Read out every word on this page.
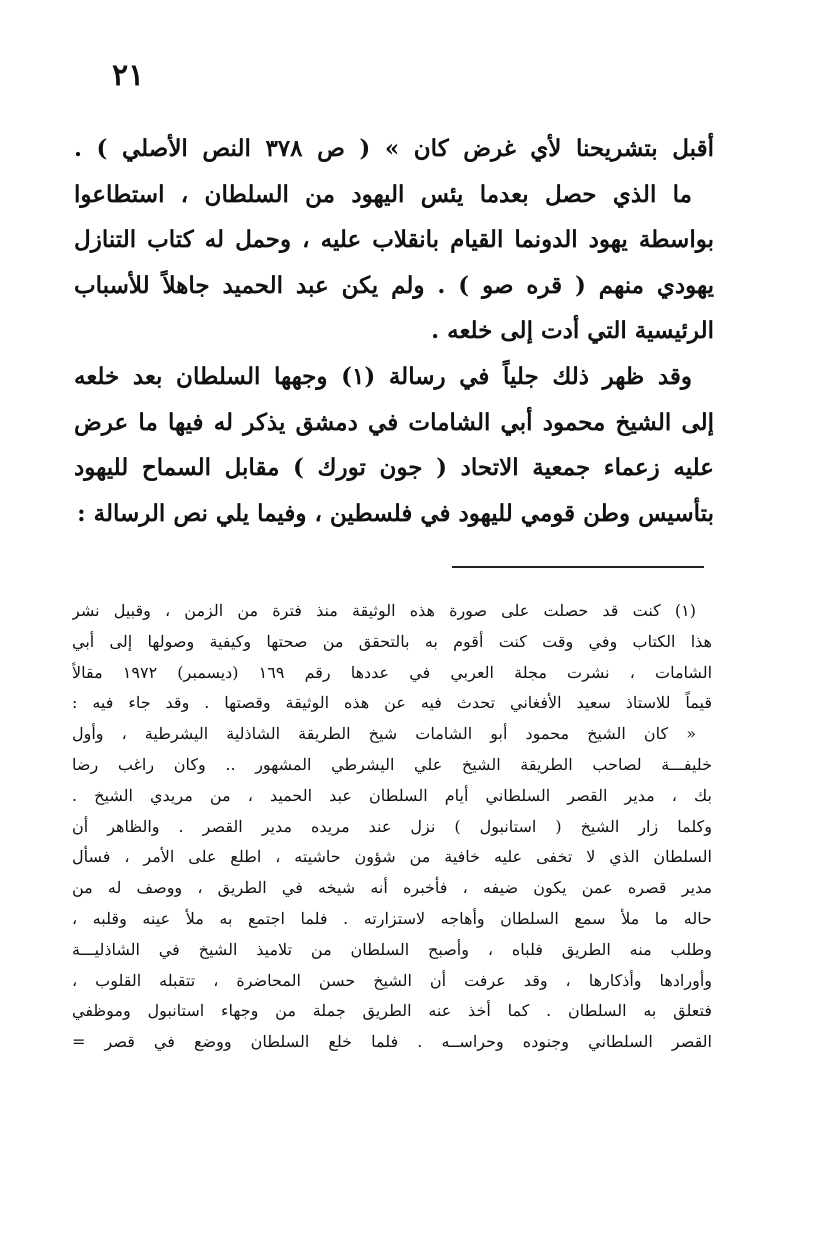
٢١
أقبل بتشريحنا لأي غرض كان » ( ص ٣٧٨ النص الأصلي ) .
ما الذي حصل بعدما يئس اليهود من السلطان ، استطاعوا
بواسطة يهود الدونما القيام بانقلاب عليه ، وحمل له كتاب التنازل
يهودي منهم ( قره صو ) . ولم يكن عبد الحميد جاهلاً للأسباب
الرئيسية التي أدت إلى خلعه .
وقد ظهر ذلك جلياً في رسالة (١) وجهها السلطان بعد خلعه
إلى الشيخ محمود أبي الشامات في دمشق يذكر له فيها ما عرض
عليه زعماء جمعية الاتحاد ( جون تورك ) مقابل السماح لليهود
بتأسيس وطن قومي لليهود في فلسطين ، وفيما يلي نص الرسالة :
(١) كنت قد حصلت على صورة هذه الوثيقة منذ فترة من الزمن ، وقبيل نشر
هذا الكتاب وفي وقت كنت أقوم به بالتحقق من صحتها وكيفية وصولها إلى أبي
الشامات ، نشرت مجلة العربي في عددها رقم ١٦٩ (ديسمبر) ١٩٧٢ مقالاً
قيماً للاستاذ سعيد الأفغاني تحدث فيه عن هذه الوثيقة وقصتها . وقد جاء فيه :
« كان الشيخ محمود أبو الشامات شيخ الطريقة الشاذلية اليشرطية ، وأول
خليفـــة لصاحب الطريقة الشيخ علي اليشرطي المشهور .. وكان راغب رضا
بك ، مدير القصر السلطاني أيام السلطان عبد الحميد ، من مريدي الشيخ .
وكلما زار الشيخ ( استانبول ) نزل عند مريده مدير القصر . والظاهر أن
السلطان الذي لا تخفى عليه خافية من شؤون حاشيته ، اطلع على الأمر ، فسأل
مدير قصره عمن يكون ضيفه ، فأخبره أنه شيخه في الطريق ، ووصف له من
حاله ما ملأ سمع السلطان وأهاجه لاستزارته . فلما اجتمع به ملأ عينه وقلبه ،
وطلب منه الطريق فلباه ، وأصبح السلطان من تلاميذ الشيخ في الشاذليـــة
وأورادها وأذكارها ، وقد عرفت أن الشيخ حسن المحاضرة ، تتقبله القلوب ،
فتعلق به السلطان . كما أخذ عنه الطريق جملة من وجهاء استانبول وموظفي
القصر السلطاني وجنوده وحراســه . فلما خلع السلطان ووضع في قصر =
